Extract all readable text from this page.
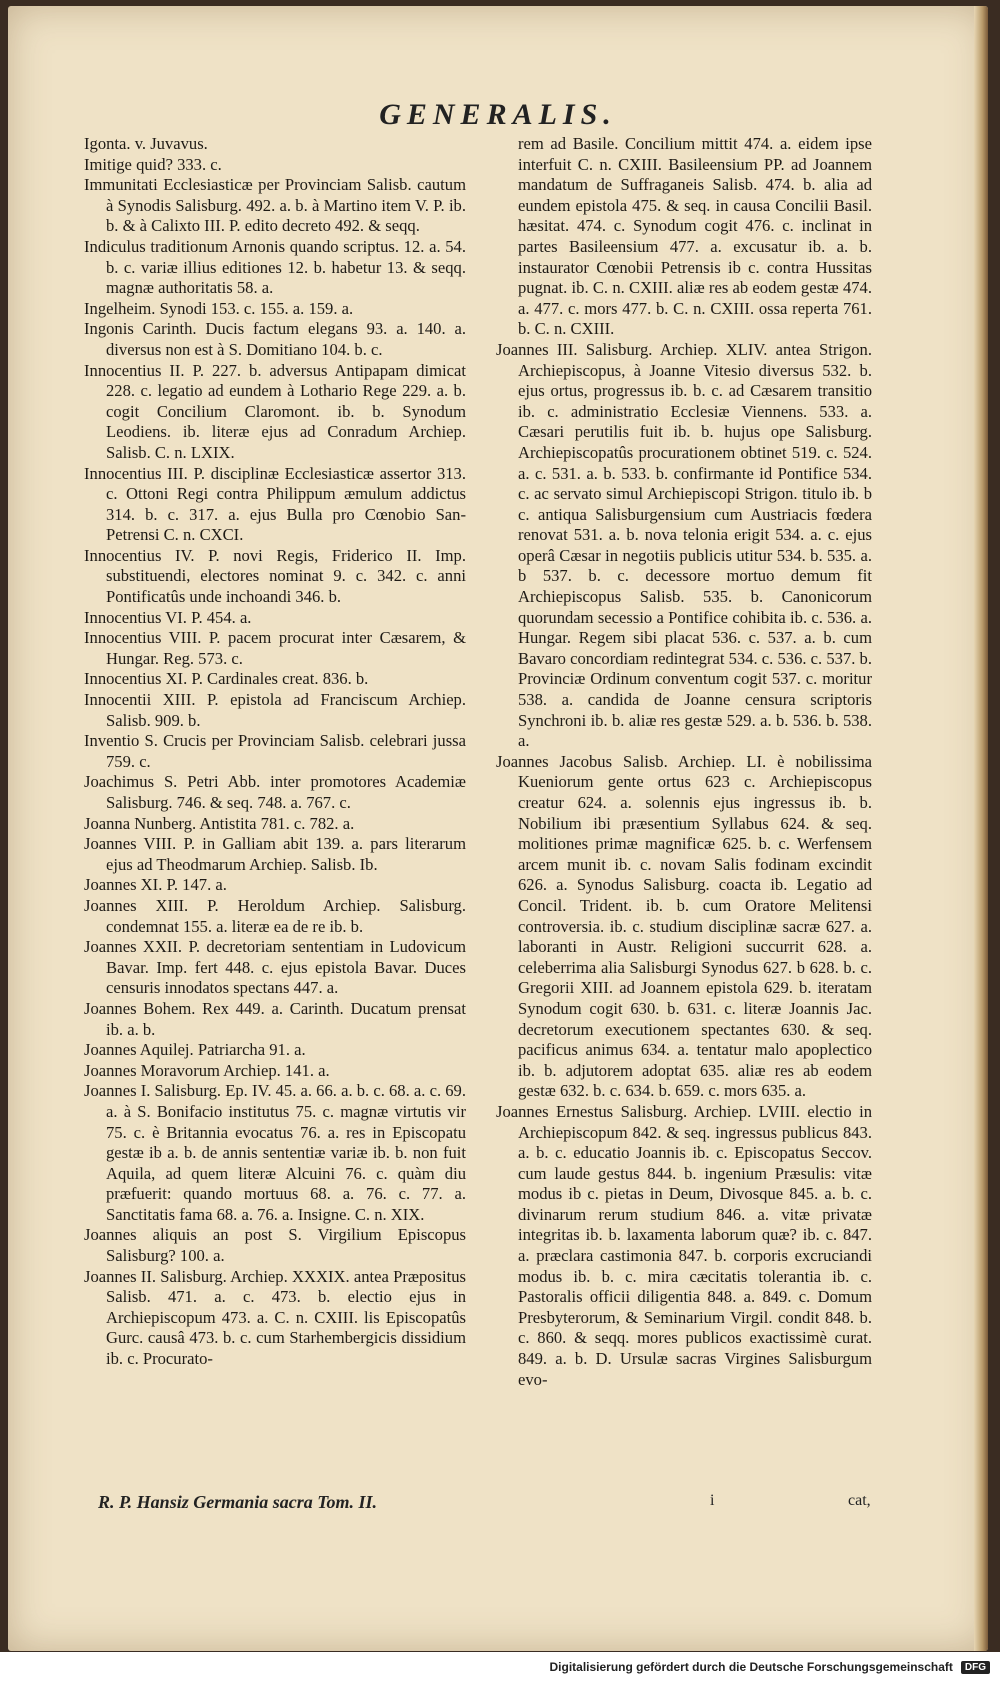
GENERALIS.

Igonta. v. Juvavus.

Imitige quid? 333. c.

Immunitati Ecclesiasticæ per Provinciam Salisb. cautum à Synodis Salisburg. 492. a. b. à Martino item V. P. ib. b. & à Calixto III. P. edito decreto 492. & seqq.

Indiculus traditionum Arnonis quando scriptus. 12. a. 54. b. c. variæ illius editiones 12. b. habetur 13. & seqq. magnæ authoritatis 58. a.

Ingelheim. Synodi 153. c. 155. a. 159. a.

Ingonis Carinth. Ducis factum elegans 93. a. 140. a. diversus non est à S. Domitiano 104. b. c.

Innocentius II. P. 227. b. adversus Antipapam dimicat 228. c. legatio ad eundem à Lothario Rege 229. a. b. cogit Concilium Claromont. ib. b. Synodum Leodiens. ib. literæ ejus ad Conradum Archiep. Salisb. C. n. LXIX.

Innocentius III. P. disciplinæ Ecclesiasticæ assertor 313. c. Ottoni Regi contra Philippum æmulum addictus 314. b. c. 317. a. ejus Bulla pro Cœnobio San-Petrensi C. n. CXCI.

Innocentius IV. P. novi Regis, Friderico II. Imp. substituendi, electores nominat 9. c. 342. c. anni Pontificatûs unde inchoandi 346. b.

Innocentius VI. P. 454. a.

Innocentius VIII. P. pacem procurat inter Cæsarem, & Hungar. Reg. 573. c.

Innocentius XI. P. Cardinales creat. 836. b.

Innocentii XIII. P. epistola ad Franciscum Archiep. Salisb. 909. b.

Inventio S. Crucis per Provinciam Salisb. celebrari jussa 759. c.

Joachimus S. Petri Abb. inter promotores Academiæ Salisburg. 746. & seq. 748. a. 767. c.

Joanna Nunberg. Antistita 781. c. 782. a.

Joannes VIII. P. in Galliam abit 139. a. pars literarum ejus ad Theodmarum Archiep. Salisb. Ib.

Joannes XI. P. 147. a.

Joannes XIII. P. Heroldum Archiep. Salisburg. condemnat 155. a. literæ ea de re ib. b.

Joannes XXII. P. decretoriam sententiam in Ludovicum Bavar. Imp. fert 448. c. ejus epistola Bavar. Duces censuris innodatos spectans 447. a.

Joannes Bohem. Rex 449. a. Carinth. Ducatum prensat ib. a. b.

Joannes Aquilej. Patriarcha 91. a.

Joannes Moravorum Archiep. 141. a.

Joannes I. Salisburg. Ep. IV. 45. a. 66. a. b. c. 68. a. c. 69. a. à S. Bonifacio institutus 75. c. magnæ virtutis vir 75. c. è Britannia evocatus 76. a. res in Episcopatu gestæ ib a. b. de annis sententiæ variæ ib. b. non fuit Aquila, ad quem literæ Alcuini 76. c. quàm diu præfuerit: quando mortuus 68. a. 76. c. 77. a. Sanctitatis fama 68. a. 76. a. Insigne. C. n. XIX.

Joannes aliquis an post S. Virgilium Episcopus Salisburg? 100. a.

Joannes II. Salisburg. Archiep. XXXIX. antea Præpositus Salisb. 471. a. c. 473. b. electio ejus in Archiepiscopum 473. a. C. n. CXIII. lis Episcopatûs Gurc. causâ 473. b. c. cum Starhembergicis dissidium ib. c. Procurato-

rem ad Basile. Concilium mittit 474. a. eidem ipse interfuit C. n. CXIII. Basileensium PP. ad Joannem mandatum de Suffraganeis Salisb. 474. b. alia ad eundem epistola 475. & seq. in causa Concilii Basil. hæsitat. 474. c. Synodum cogit 476. c. inclinat in partes Basileensium 477. a. excusatur ib. a. b. instaurator Cœnobii Petrensis ib c. contra Hussitas pugnat. ib. C. n. CXIII. aliæ res ab eodem gestæ 474. a. 477. c. mors 477. b. C. n. CXIII. ossa reperta 761. b. C. n. CXIII.

Joannes III. Salisburg. Archiep. XLIV. antea Strigon. Archiepiscopus, à Joanne Vitesio diversus 532. b. ejus ortus, progressus ib. b. c. ad Cæsarem transitio ib. c. administratio Ecclesiæ Viennens. 533. a. Cæsari perutilis fuit ib. b. hujus ope Salisburg. Archiepiscopatûs procurationem obtinet 519. c. 524. a. c. 531. a. b. 533. b. confirmante id Pontifice 534. c. ac servato simul Archiepiscopi Strigon. titulo ib. b c. antiqua Salisburgensium cum Austriacis fœdera renovat 531. a. b. nova telonia erigit 534. a. c. ejus operâ Cæsar in negotiis publicis utitur 534. b. 535. a. b 537. b. c. decessore mortuo demum fit Archiepiscopus Salisb. 535. b. Canonicorum quorundam secessio a Pontifice cohibita ib. c. 536. a. Hungar. Regem sibi placat 536. c. 537. a. b. cum Bavaro concordiam redintegrat 534. c. 536. c. 537. b. Provinciæ Ordinum conventum cogit 537. c. moritur 538. a. candida de Joanne censura scriptoris Synchroni ib. b. aliæ res gestæ 529. a. b. 536. b. 538. a.

Joannes Jacobus Salisb. Archiep. LI. è nobilissima Kueniorum gente ortus 623 c. Archiepiscopus creatur 624. a. solennis ejus ingressus ib. b. Nobilium ibi præsentium Syllabus 624. & seq. molitiones primæ magnificæ 625. b. c. Werfensem arcem munit ib. c. novam Salis fodinam excindit 626. a. Synodus Salisburg. coacta ib. Legatio ad Concil. Trident. ib. b. cum Oratore Melitensi controversia. ib. c. studium disciplinæ sacræ 627. a. laboranti in Austr. Religioni succurrit 628. a. celeberrima alia Salisburgi Synodus 627. b 628. b. c. Gregorii XIII. ad Joannem epistola 629. b. iteratam Synodum cogit 630. b. 631. c. literæ Joannis Jac. decretorum executionem spectantes 630. & seq. pacificus animus 634. a. tentatur malo apoplectico ib. b. adjutorem adoptat 635. aliæ res ab eodem gestæ 632. b. c. 634. b. 659. c. mors 635. a.

Joannes Ernestus Salisburg. Archiep. LVIII. electio in Archiepiscopum 842. & seq. ingressus publicus 843. a. b. c. educatio Joannis ib. c. Episcopatus Seccov. cum laude gestus 844. b. ingenium Præsulis: vitæ modus ib c. pietas in Deum, Divosque 845. a. b. c. divinarum rerum studium 846. a. vitæ privatæ integritas ib. b. laxamenta laborum quæ? ib. c. 847. a. præclara castimonia 847. b. corporis excruciandi modus ib. b. c. mira cæcitatis tolerantia ib. c. Pastoralis officii diligentia 848. a. 849. c. Domum Presbyterorum, & Seminarium Virgil. condit 848. b. c. 860. & seqq. mores publicos exactissimè curat. 849. a. b. D. Ursulæ sacras Virgines Salisburgum evo-

R. P. Hansiz Germania sacra Tom. II.	i	cat,
Digitalisierung gefördert durch die Deutsche Forschungsgemeinschaft	DFG
